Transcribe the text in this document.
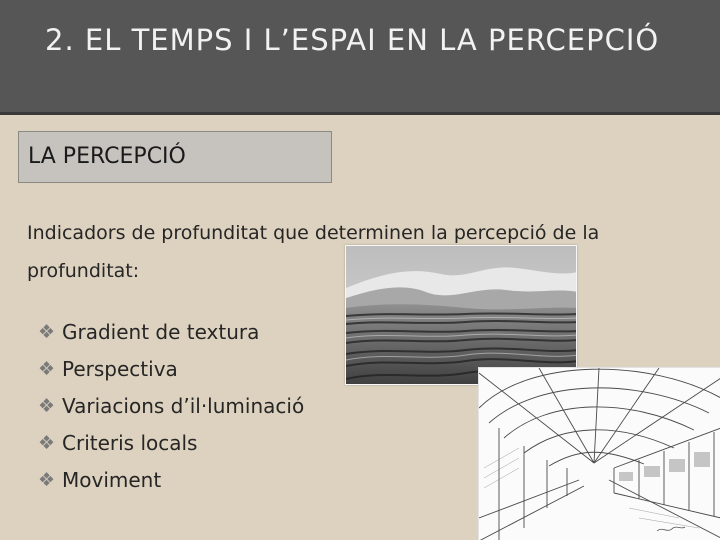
2. EL TEMPS I L’ESPAI EN LA PERCEPCIÓ
LA PERCEPCIÓ
Indicadors de profunditat que determinen la percepció de la profunditat:
❖ Gradient de textura
❖ Perspectiva
❖ Variacions d’il·luminació
❖ Criteris locals
❖ Moviment
